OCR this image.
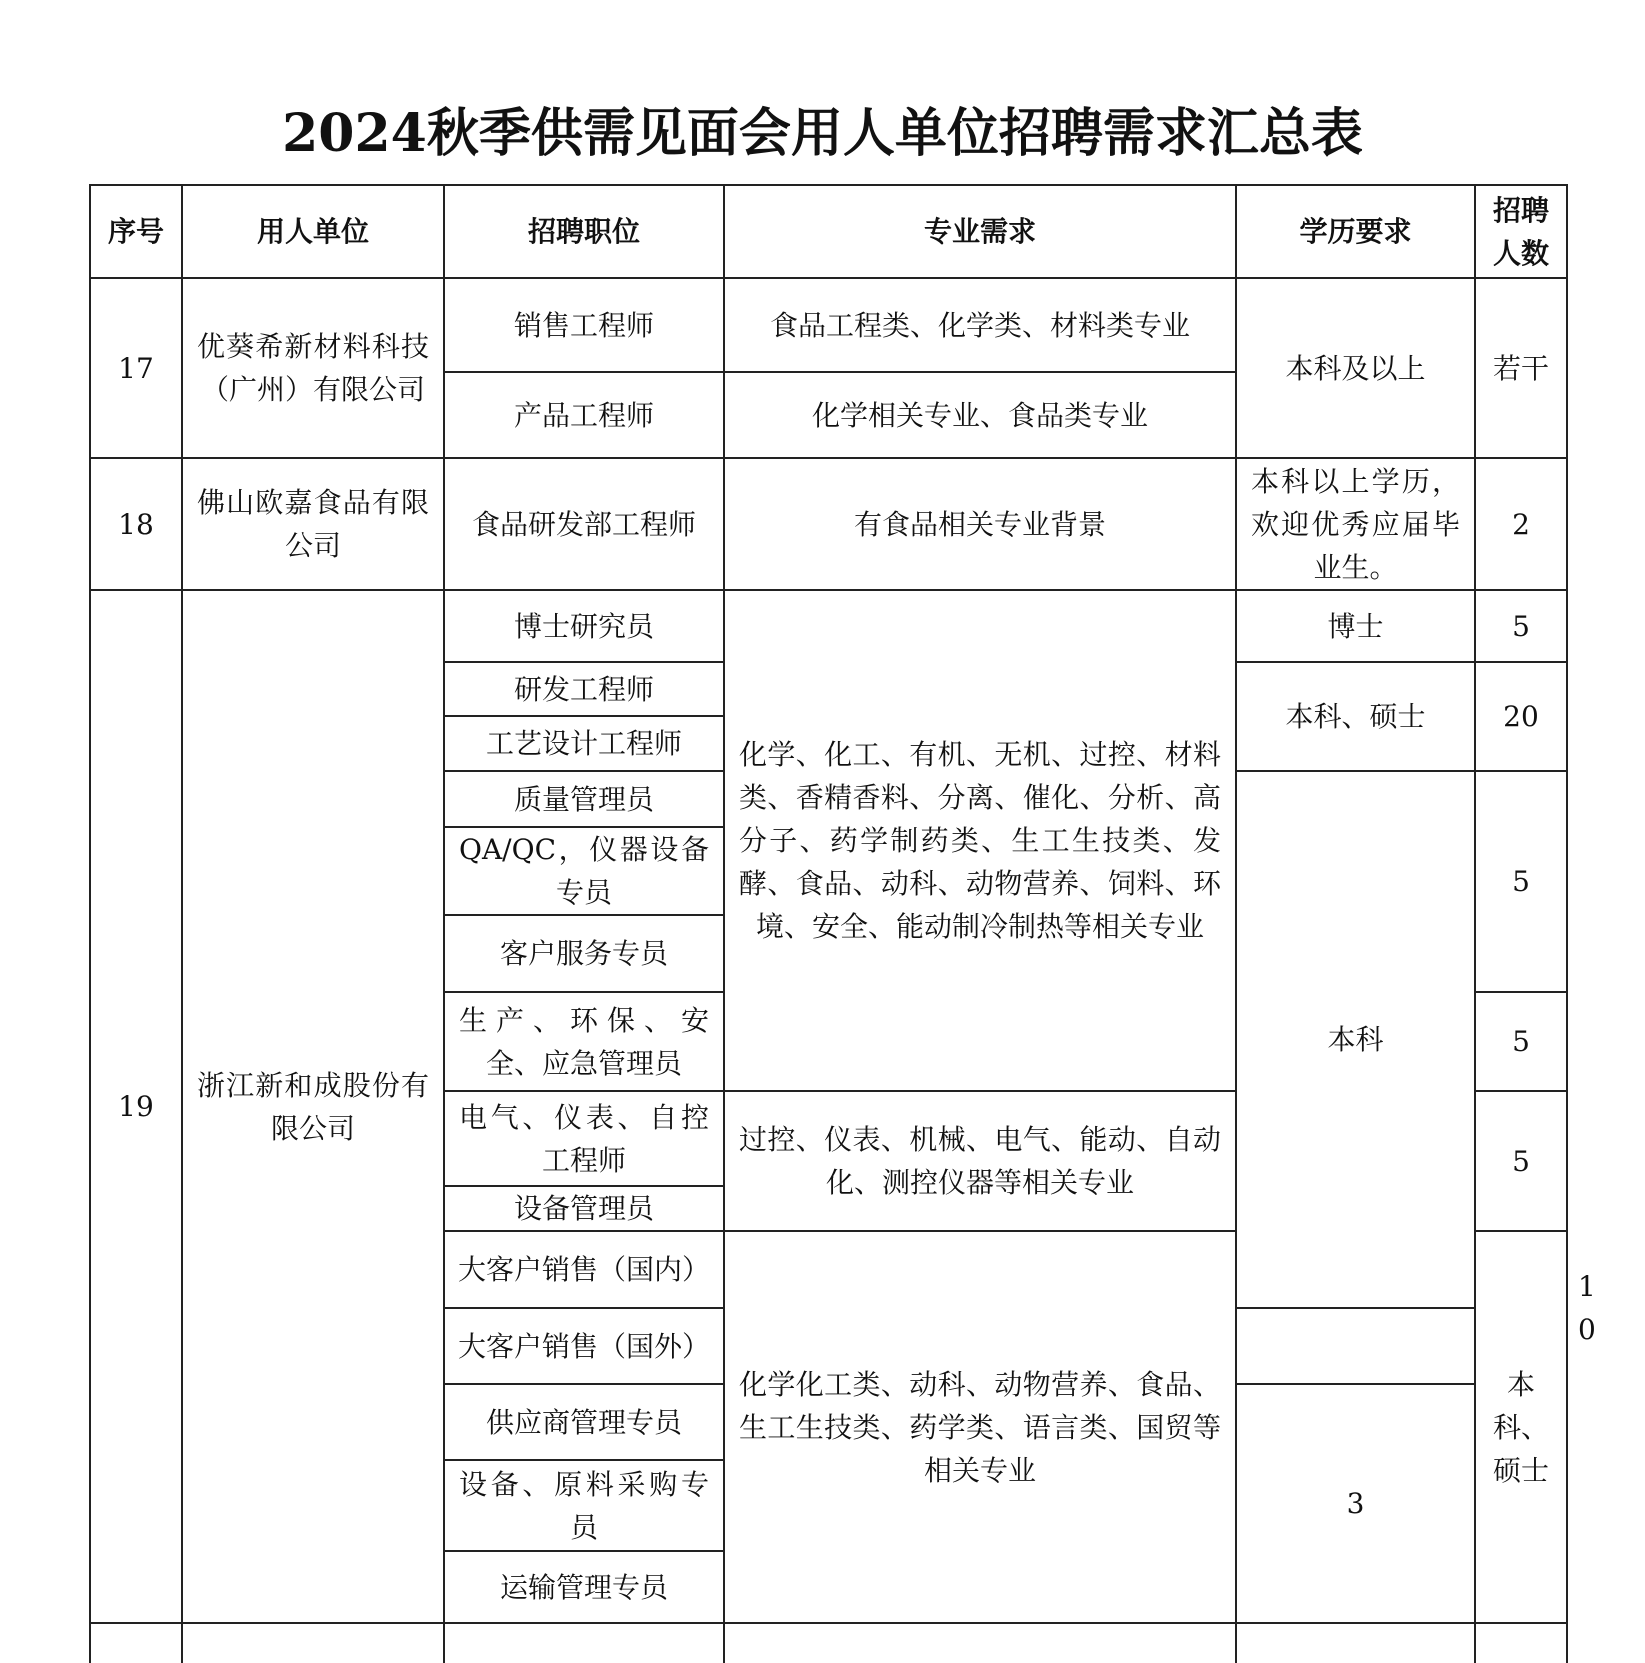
2024秋季供需见面会用人单位招聘需求汇总表
序号	用人单位	招聘职位	专业需求	学历要求	招聘人数	
17	优葵希新材料科技（广州）有限公司	销售工程师	食品工程类、化学类、材料类专业	本科及以上	若干	
		产品工程师	化学相关专业、食品类专业			
18	佛山欧嘉食品有限公司	食品研发部工程师	有食品相关专业背景	本科以上学历，欢迎优秀应届毕业生。	2	
19	浙江新和成股份有限公司	博士研究员	化学、化工、有机、无机、过控、材料类、香精香料、分离、催化、分析、高分子、药学制药类、生工生技类、发酵、食品、动科、动物营养、饲料、环境、安全、能动制冷制热等相关专业	博士	5	
		研发工程师		本科、硕士	20	
		工艺设计工程师				
		质量管理员		本科	5	
		QA/QC，仪器设备专员				
		客户服务专员				
		生产、环保、安全、应急管理员			5	
		电气、仪表、自控工程师	过控、仪表、机械、电气、能动、自动化、测控仪器等相关专业		5	
		设备管理员				
		大客户销售（国内）	化学化工类、动科、动物营养、食品、生工生技类、药学类、语言类、国贸等相关专业		本科、硕士	10
		大客户销售（国外）				
		供应商管理专员		3		
		设备、原料采购专员				
		运输管理专员				
